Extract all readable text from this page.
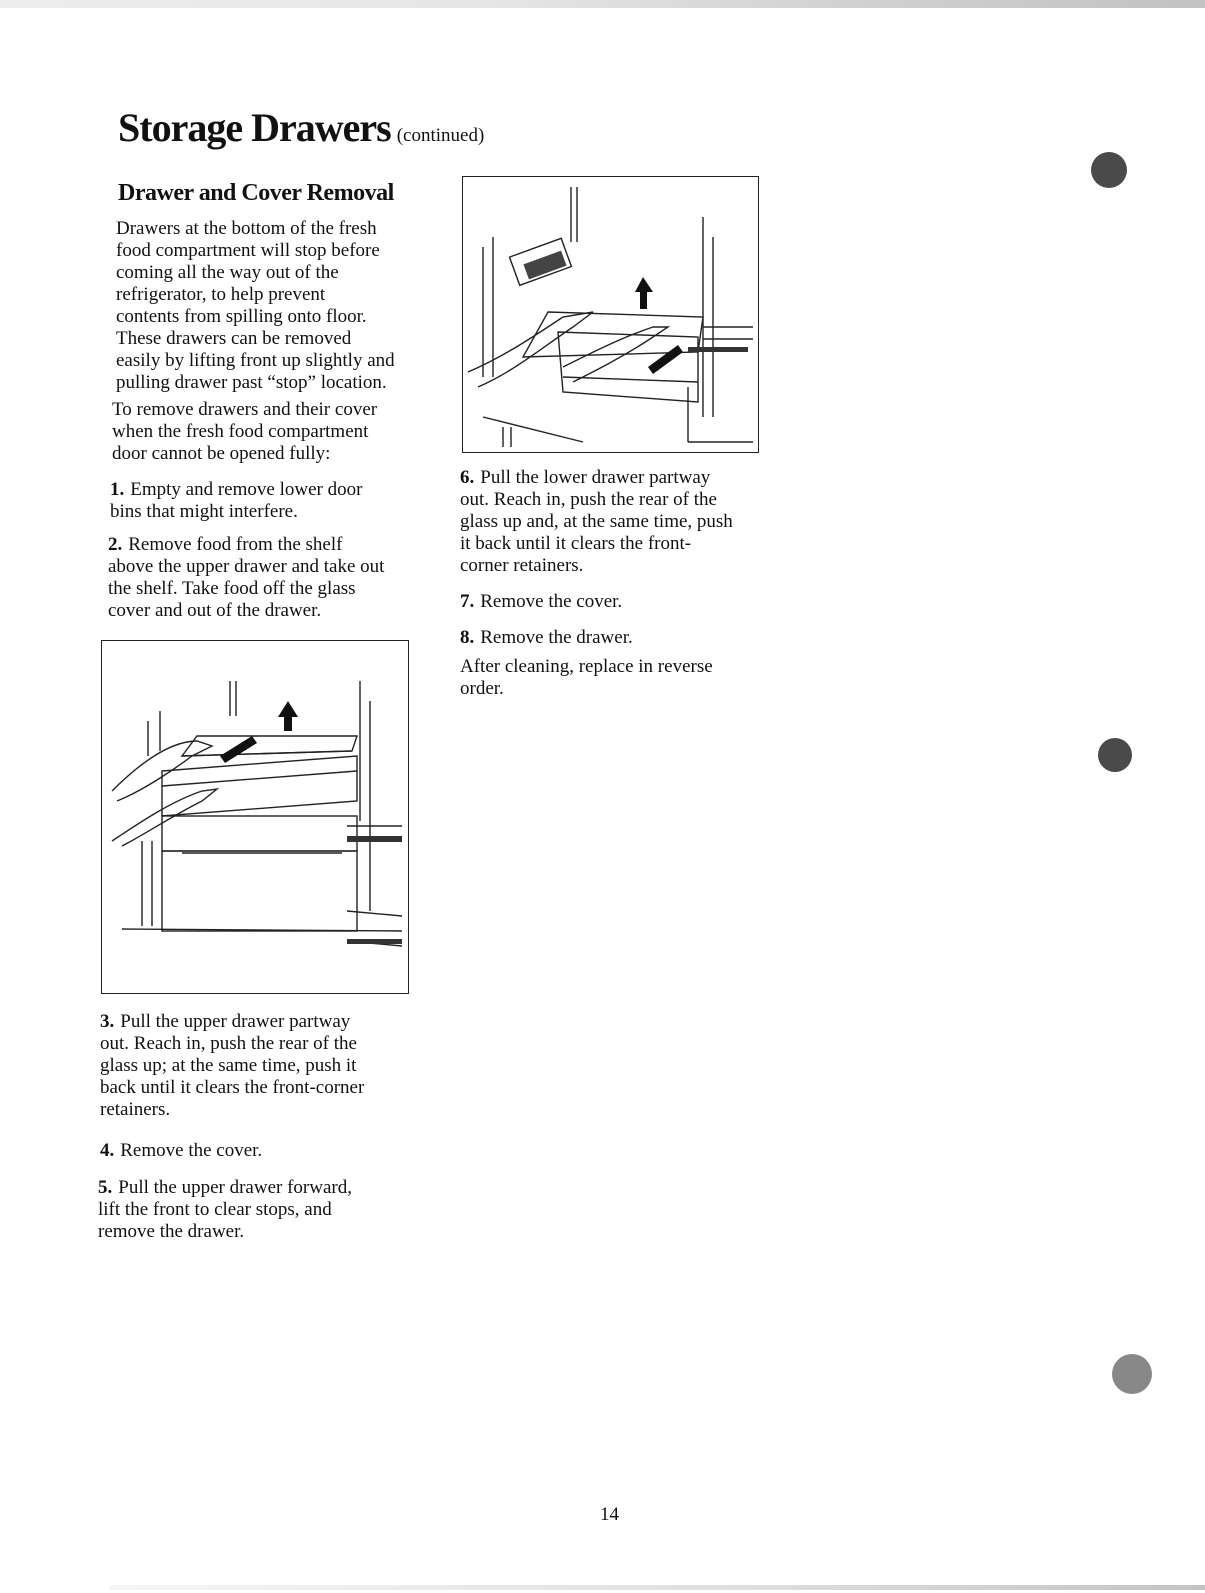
Storage Drawers (continued)
Drawer and Cover Removal

Drawers at the bottom of the fresh

food compartment will stop before

coming all the way out of the

refrigerator, to help prevent

contents from spilling onto floor.

These drawers can be removed

easily by lifting front up slightly and

pulling drawer past “stop” location.

To remove drawers and their cover

when the fresh food compartment

door cannot be opened fully:

1. Empty and remove lower door

bins that might interfere.

2. Remove food from the shelf

above the upper drawer and take out

the shelf. Take food off the glass

cover and out of the drawer.

3. Pull the upper drawer partway

out. Reach in, push the rear of the

glass up; at the same time, push it

back until it clears the front-corner

retainers.

4. Remove the cover.

5. Pull the upper drawer forward,

lift the front to clear stops, and

remove the drawer.

6. Pull the lower drawer partway

out. Reach in, push the rear of the

glass up and, at the same time, push

it back until it clears the front-

corner retainers.

7. Remove the cover.

8. Remove the drawer.

After cleaning, replace in reverse

order.

14
